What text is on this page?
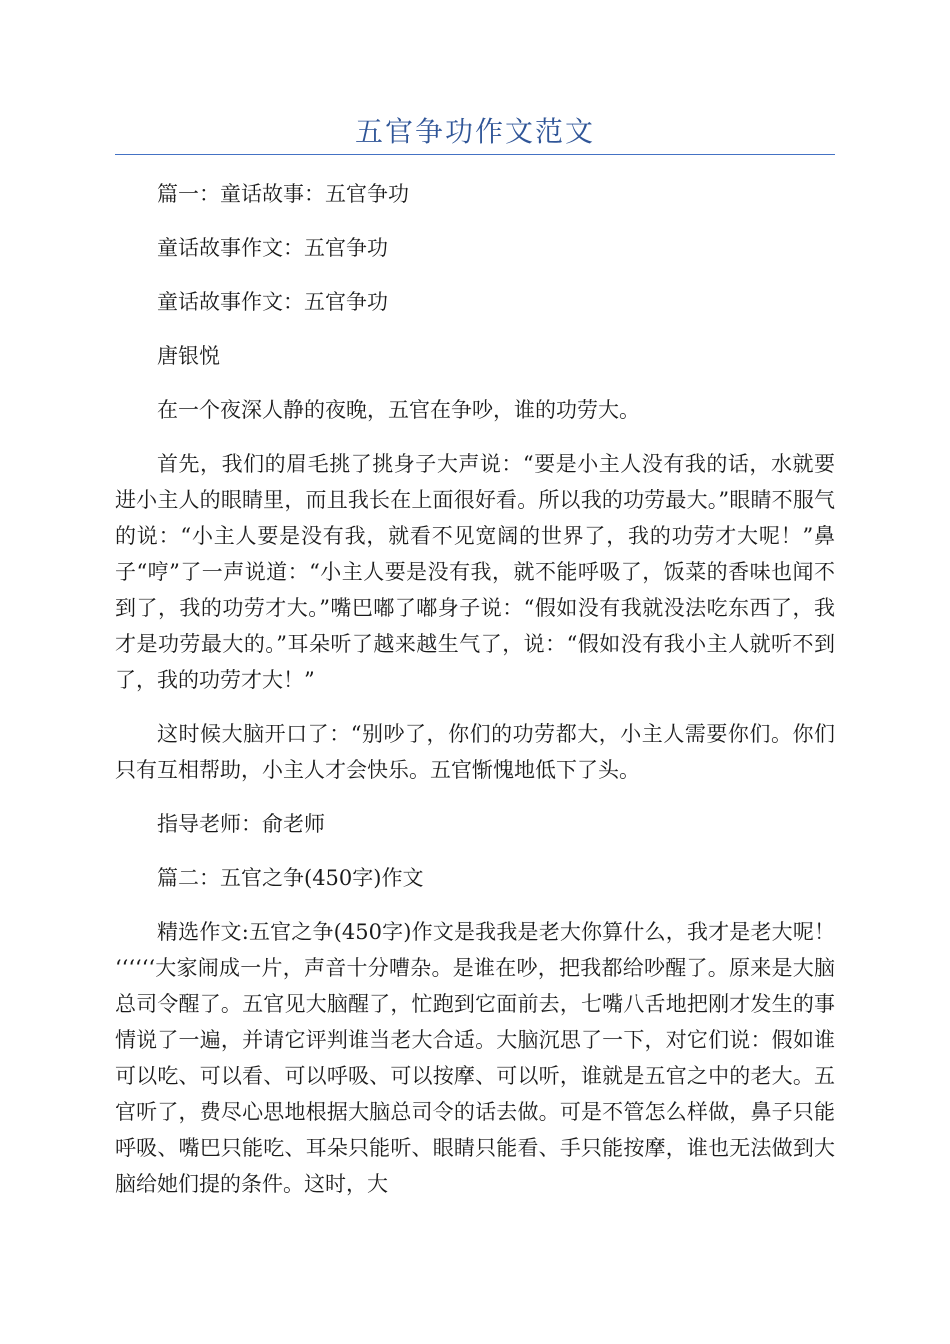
五官争功作文范文

篇一：童话故事：五官争功

童话故事作文：五官争功

童话故事作文：五官争功

唐银悦

在一个夜深人静的夜晚，五官在争吵，谁的功劳大。

首先，我们的眉毛挑了挑身子大声说：“要是小主人没有我的话，水就要进小主人的眼睛里，而且我长在上面很好看。所以我的功劳最大。”眼睛不服气的说：“小主人要是没有我，就看不见宽阔的世界了，我的功劳才大呢！”鼻子“哼”了一声说道：“小主人要是没有我，就不能呼吸了，饭菜的香味也闻不到了，我的功劳才大。”嘴巴嘟了嘟身子说：“假如没有我就没法吃东西了，我才是功劳最大的。”耳朵听了越来越生气了，说：“假如没有我小主人就听不到了，我的功劳才大！”

这时候大脑开口了：“别吵了，你们的功劳都大，小主人需要你们。你们只有互相帮助，小主人才会快乐。五官惭愧地低下了头。

指导老师：俞老师

篇二：五官之争(450字)作文

精选作文:五官之争(450字)作文是我我是老大你算什么，我才是老大呢！ ‘‘‘‘‘‘大家闹成一片，声音十分嘈杂。是谁在吵，把我都给吵醒了。原来是大脑总司令醒了。五官见大脑醒了，忙跑到它面前去，七嘴八舌地把刚才发生的事情说了一遍，并请它评判谁当老大合适。大脑沉思了一下，对它们说：假如谁可以吃、可以看、可以呼吸、可以按摩、可以听，谁就是五官之中的老大。五官听了，费尽心思地根据大脑总司令的话去做。可是不管怎么样做，鼻子只能呼吸、嘴巴只能吃、耳朵只能听、眼睛只能看、手只能按摩，谁也无法做到大脑给她们提的条件。这时，大
